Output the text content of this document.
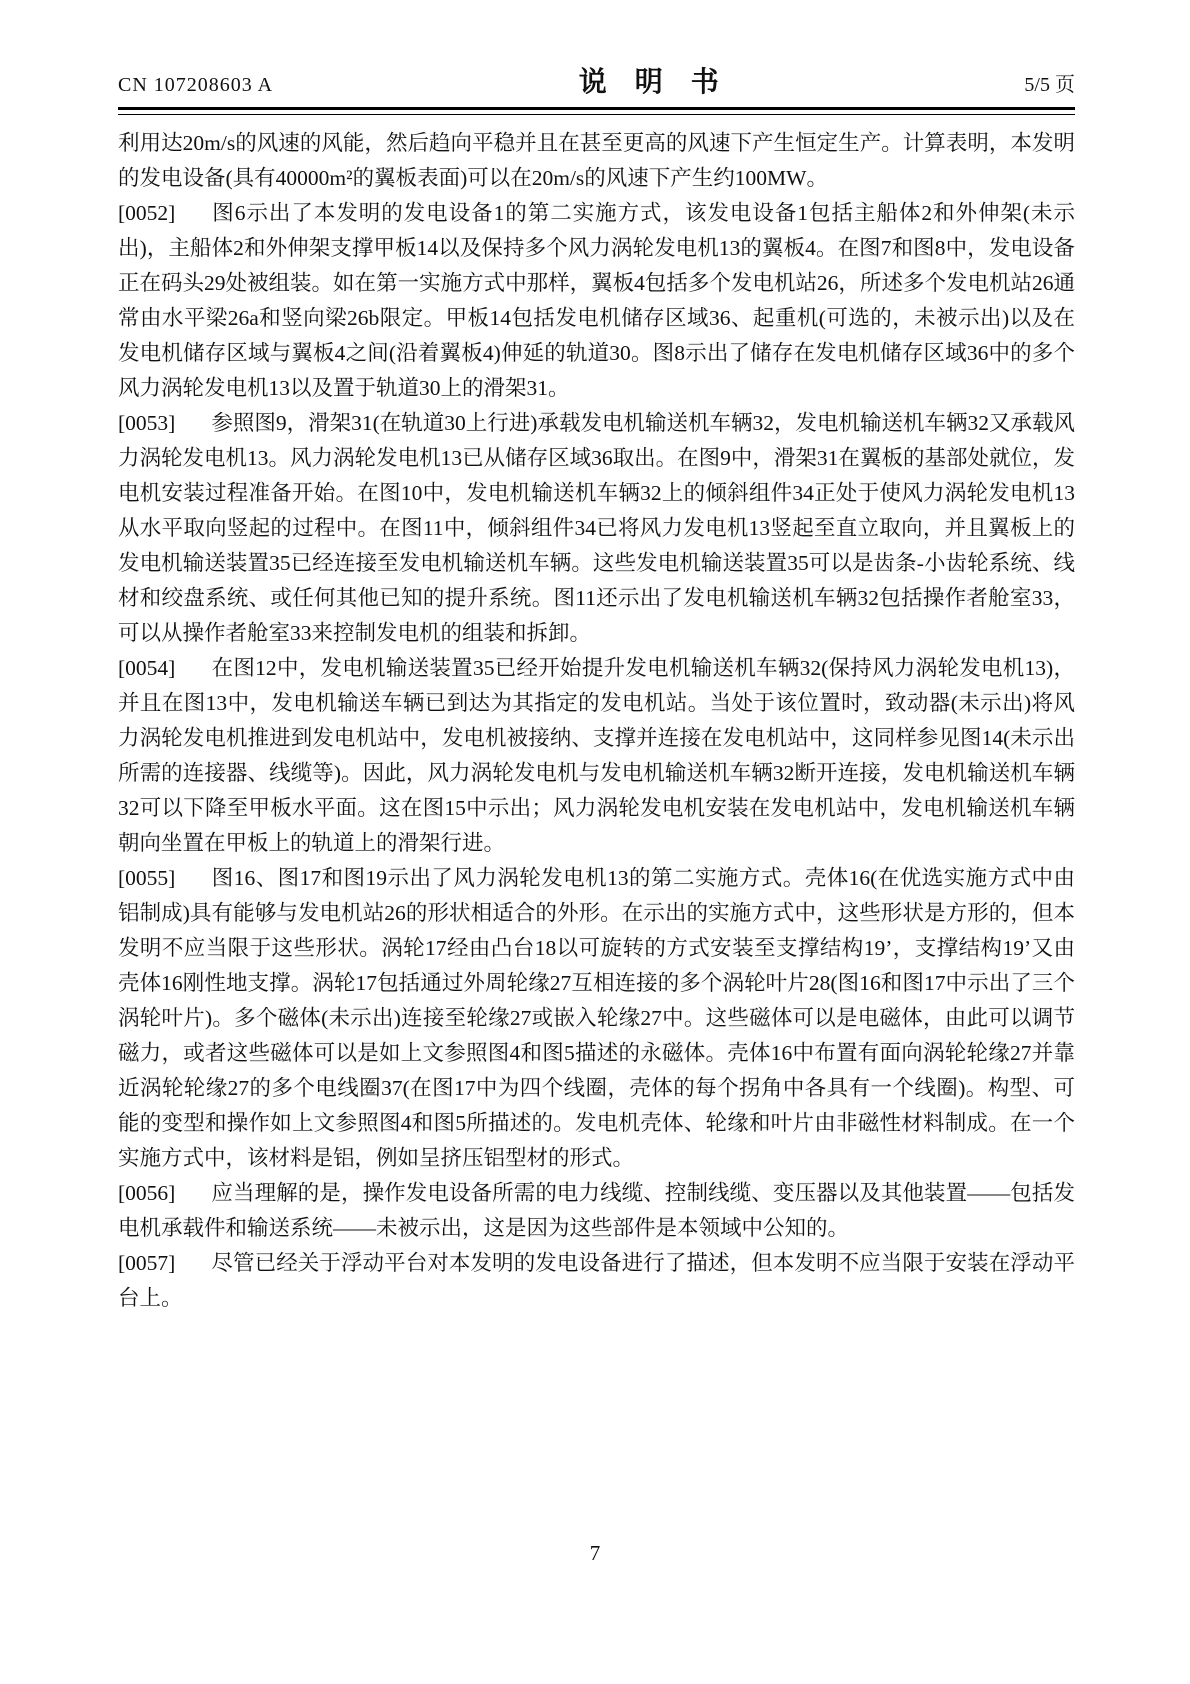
CN 107208603 A	说　明　书	5/5 页

利用达20m/s的风速的风能，然后趋向平稳并且在甚至更高的风速下产生恒定生产。计算表明，本发明的发电设备(具有40000m²的翼板表面)可以在20m/s的风速下产生约100MW。

[0052] 图6示出了本发明的发电设备1的第二实施方式，该发电设备1包括主船体2和外伸架(未示出)，主船体2和外伸架支撑甲板14以及保持多个风力涡轮发电机13的翼板4。在图7和图8中，发电设备正在码头29处被组装。如在第一实施方式中那样，翼板4包括多个发电机站26，所述多个发电机站26通常由水平梁26a和竖向梁26b限定。甲板14包括发电机储存区域36、起重机(可选的，未被示出)以及在发电机储存区域与翼板4之间(沿着翼板4)伸延的轨道30。图8示出了储存在发电机储存区域36中的多个风力涡轮发电机13以及置于轨道30上的滑架31。

[0053] 参照图9，滑架31(在轨道30上行进)承载发电机输送机车辆32，发电机输送机车辆32又承载风力涡轮发电机13。风力涡轮发电机13已从储存区域36取出。在图9中，滑架31在翼板的基部处就位，发电机安装过程准备开始。在图10中，发电机输送机车辆32上的倾斜组件34正处于使风力涡轮发电机13从水平取向竖起的过程中。在图11中，倾斜组件34已将风力发电机13竖起至直立取向，并且翼板上的发电机输送装置35已经连接至发电机输送机车辆。这些发电机输送装置35可以是齿条-小齿轮系统、线材和绞盘系统、或任何其他已知的提升系统。图11还示出了发电机输送机车辆32包括操作者舱室33，可以从操作者舱室33来控制发电机的组装和拆卸。

[0054] 在图12中，发电机输送装置35已经开始提升发电机输送机车辆32(保持风力涡轮发电机13)，并且在图13中，发电机输送车辆已到达为其指定的发电机站。当处于该位置时，致动器(未示出)将风力涡轮发电机推进到发电机站中，发电机被接纳、支撑并连接在发电机站中，这同样参见图14(未示出所需的连接器、线缆等)。因此，风力涡轮发电机与发电机输送机车辆32断开连接，发电机输送机车辆32可以下降至甲板水平面。这在图15中示出；风力涡轮发电机安装在发电机站中，发电机输送机车辆朝向坐置在甲板上的轨道上的滑架行进。

[0055] 图16、图17和图19示出了风力涡轮发电机13的第二实施方式。壳体16(在优选实施方式中由铝制成)具有能够与发电机站26的形状相适合的外形。在示出的实施方式中，这些形状是方形的，但本发明不应当限于这些形状。涡轮17经由凸台18以可旋转的方式安装至支撑结构19’，支撑结构19’又由壳体16刚性地支撑。涡轮17包括通过外周轮缘27互相连接的多个涡轮叶片28(图16和图17中示出了三个涡轮叶片)。多个磁体(未示出)连接至轮缘27或嵌入轮缘27中。这些磁体可以是电磁体，由此可以调节磁力，或者这些磁体可以是如上文参照图4和图5描述的永磁体。壳体16中布置有面向涡轮轮缘27并靠近涡轮轮缘27的多个电线圈37(在图17中为四个线圈，壳体的每个拐角中各具有一个线圈)。构型、可能的变型和操作如上文参照图4和图5所描述的。发电机壳体、轮缘和叶片由非磁性材料制成。在一个实施方式中，该材料是铝，例如呈挤压铝型材的形式。

[0056] 应当理解的是，操作发电设备所需的电力线缆、控制线缆、变压器以及其他装置——包括发电机承载件和输送系统——未被示出，这是因为这些部件是本领域中公知的。

[0057] 尽管已经关于浮动平台对本发明的发电设备进行了描述，但本发明不应当限于安装在浮动平台上。

7
